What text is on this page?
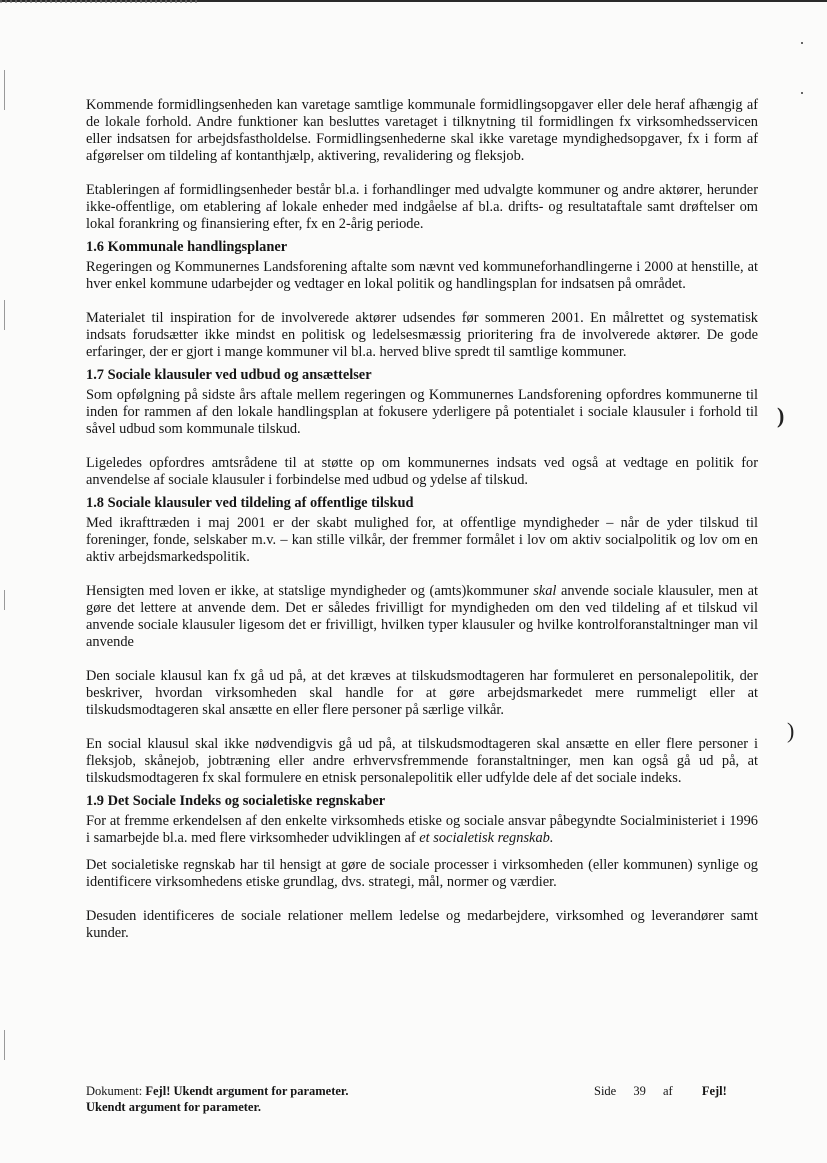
)
)

Kommende formidlingsenheden kan varetage samtlige kommunale formidlingsopgaver eller dele heraf afhængig af de lokale forhold. Andre funktioner kan besluttes varetaget i tilknytning til formidlingen fx virksomhedsservicen eller indsatsen for arbejdsfastholdelse. Formidlingsenhederne skal ikke varetage myndighedsopgaver, fx i form af afgørelser om tildeling af kontanthjælp, aktivering, revalidering og fleksjob.

Etableringen af formidlingsenheder består bl.a. i forhandlinger med udvalgte kommuner og andre aktører, herunder ikke-offentlige, om etablering af lokale enheder med indgåelse af bl.a. drifts- og resultataftale samt drøftelser om lokal forankring og finansiering efter, fx en 2-årig periode.

1.6 Kommunale handlingsplaner

Regeringen og Kommunernes Landsforening aftalte som nævnt ved kommuneforhandlingerne i 2000 at henstille, at hver enkel kommune udarbejder og vedtager en lokal politik og handlingsplan for indsatsen på området.

Materialet til inspiration for de involverede aktører udsendes før sommeren 2001. En målrettet og systematisk indsats forudsætter ikke mindst en politisk og ledelsesmæssig prioritering fra de involverede aktører. De gode erfaringer, der er gjort i mange kommuner vil bl.a. herved blive spredt til samtlige kommuner.

1.7 Sociale klausuler ved udbud og ansættelser

Som opfølgning på sidste års aftale mellem regeringen og Kommunernes Landsforening opfordres kommunerne til inden for rammen af den lokale handlingsplan at fokusere yderligere på potentialet i sociale klausuler i forhold til såvel udbud som kommunale tilskud.

Ligeledes opfordres amtsrådene til at støtte op om kommunernes indsats ved også at vedtage en politik for anvendelse af sociale klausuler i forbindelse med udbud og ydelse af tilskud.

1.8 Sociale klausuler ved tildeling af offentlige tilskud

Med ikrafttræden i maj 2001 er der skabt mulighed for, at offentlige myndigheder – når de yder tilskud til foreninger, fonde, selskaber m.v. – kan stille vilkår, der fremmer formålet i lov om aktiv socialpolitik og lov om en aktiv arbejdsmarkedspolitik.

Hensigten med loven er ikke, at statslige myndigheder og (amts)kommuner skal anvende sociale klausuler, men at gøre det lettere at anvende dem. Det er således frivilligt for myndigheden om den ved tildeling af et tilskud vil anvende sociale klausuler ligesom det er frivilligt, hvilken typer klausuler og hvilke kontrolforanstaltninger man vil anvende

Den sociale klausul kan fx gå ud på, at det kræves at tilskudsmodtageren har formuleret en personalepolitik, der beskriver, hvordan virksomheden skal handle for at gøre arbejdsmarkedet mere rummeligt eller at tilskudsmodtageren skal ansætte en eller flere personer på særlige vilkår.

En social klausul skal ikke nødvendigvis gå ud på, at tilskudsmodtageren skal ansætte en eller flere personer i fleksjob, skånejob, jobtræning eller andre erhvervsfremmende foranstaltninger, men kan også gå ud på, at tilskudsmodtageren fx skal formulere en etnisk personalepolitik eller udfylde dele af det sociale indeks.

1.9 Det Sociale Indeks og socialetiske regnskaber

For at fremme erkendelsen af den enkelte virksomheds etiske og sociale ansvar påbegyndte Socialministeriet i 1996 i samarbejde bl.a. med flere virksomheder udviklingen af et socialetisk regnskab.

Det socialetiske regnskab har til hensigt at gøre de sociale processer i virksomheden (eller kommunen) synlige og identificere virksomhedens etiske grundlag, dvs. strategi, mål, normer og værdier.

Desuden identificeres de sociale relationer mellem ledelse og medarbejdere, virksomhed og leverandører samt kunder.

Dokument: Fejl! Ukendt argument for parameter.
Ukendt argument for parameter.
Side 39 af Fejl!
